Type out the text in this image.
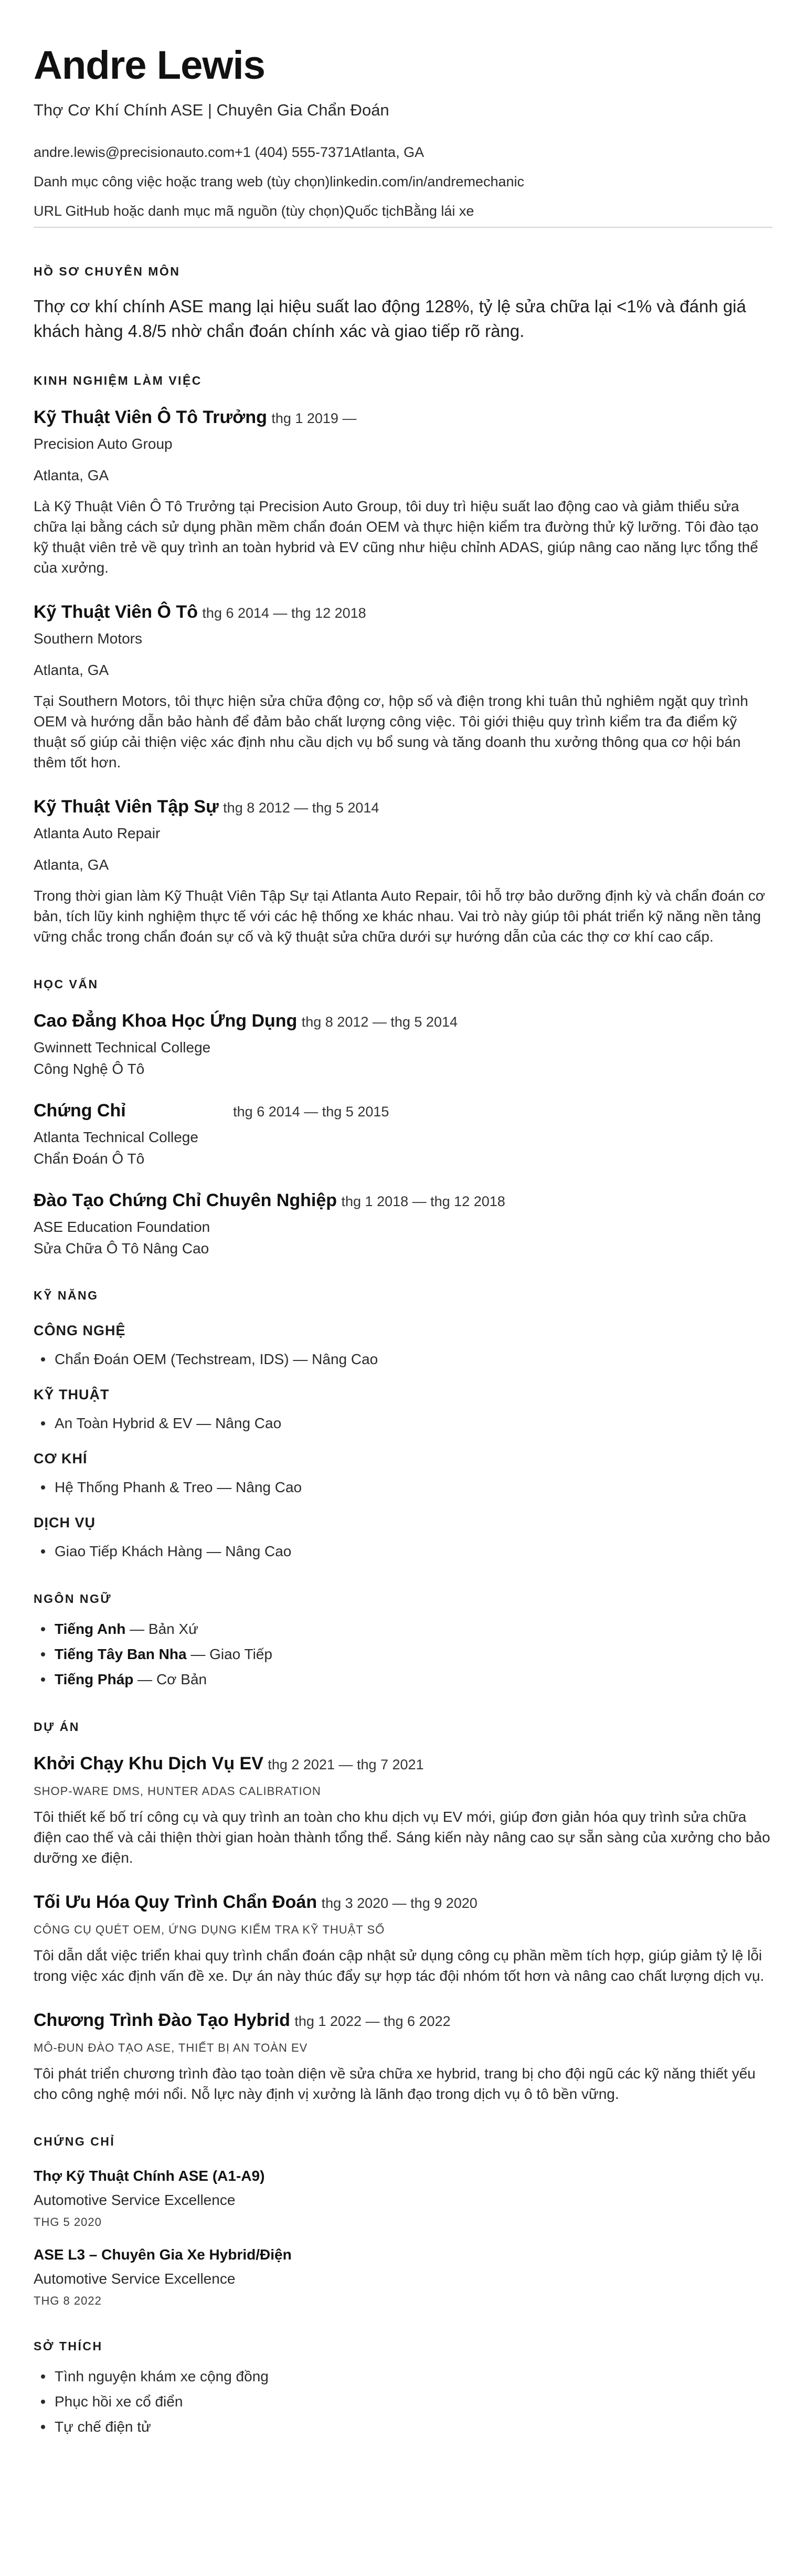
Andre Lewis
Thợ Cơ Khí Chính ASE | Chuyên Gia Chẩn Đoán
andre.lewis@precisionauto.com+1 (404) 555-7371Atlanta, GA
Danh mục công việc hoặc trang web (tùy chọn)linkedin.com/in/andremechanic
URL GitHub hoặc danh mục mã nguồn (tùy chọn)Quốc tịchBằng lái xe
HỒ SƠ CHUYÊN MÔN

Thợ cơ khí chính ASE mang lại hiệu suất lao động 128%, tỷ lệ sửa chữa lại <1% và đánh giá khách hàng 4.8/5 nhờ chẩn đoán chính xác và giao tiếp rõ ràng.

KINH NGHIỆM LÀM VIỆC
Kỹ Thuật Viên Ô Tô Trưởng thg 1 2019 —
Precision Auto Group
Atlanta, GA

Là Kỹ Thuật Viên Ô Tô Trưởng tại Precision Auto Group, tôi duy trì hiệu suất lao động cao và giảm thiểu sửa chữa lại bằng cách sử dụng phần mềm chẩn đoán OEM và thực hiện kiểm tra đường thử kỹ lưỡng. Tôi đào tạo kỹ thuật viên trẻ về quy trình an toàn hybrid và EV cũng như hiệu chỉnh ADAS, giúp nâng cao năng lực tổng thể của xưởng.

Kỹ Thuật Viên Ô Tô thg 6 2014 — thg 12 2018
Southern Motors
Atlanta, GA

Tại Southern Motors, tôi thực hiện sửa chữa động cơ, hộp số và điện trong khi tuân thủ nghiêm ngặt quy trình OEM và hướng dẫn bảo hành để đảm bảo chất lượng công việc. Tôi giới thiệu quy trình kiểm tra đa điểm kỹ thuật số giúp cải thiện việc xác định nhu cầu dịch vụ bổ sung và tăng doanh thu xưởng thông qua cơ hội bán thêm tốt hơn.

Kỹ Thuật Viên Tập Sự thg 8 2012 — thg 5 2014
Atlanta Auto Repair
Atlanta, GA

Trong thời gian làm Kỹ Thuật Viên Tập Sự tại Atlanta Auto Repair, tôi hỗ trợ bảo dưỡng định kỳ và chẩn đoán cơ bản, tích lũy kinh nghiệm thực tế với các hệ thống xe khác nhau. Vai trò này giúp tôi phát triển kỹ năng nền tảng vững chắc trong chẩn đoán sự cố và kỹ thuật sửa chữa dưới sự hướng dẫn của các thợ cơ khí cao cấp.

HỌC VẤN
Cao Đẳng Khoa Học Ứng Dụng thg 8 2012 — thg 5 2014
Gwinnett Technical College
Công Nghệ Ô Tô
Chứng Chỉ	thg 6 2014 — thg 5 2015
Atlanta Technical College
Chẩn Đoán Ô Tô
Đào Tạo Chứng Chỉ Chuyên Nghiệp thg 1 2018 — thg 12 2018
ASE Education Foundation
Sửa Chữa Ô Tô Nâng Cao
KỸ NĂNG
CÔNG NGHỆ
Chẩn Đoán OEM (Techstream, IDS) — Nâng Cao
KỸ THUẬT
An Toàn Hybrid & EV — Nâng Cao
CƠ KHÍ
Hệ Thống Phanh & Treo — Nâng Cao
DỊCH VỤ
Giao Tiếp Khách Hàng — Nâng Cao
NGÔN NGỮ
Tiếng Anh — Bản Xứ
Tiếng Tây Ban Nha — Giao Tiếp
Tiếng Pháp — Cơ Bản
DỰ ÁN
Khởi Chạy Khu Dịch Vụ EV thg 2 2021 — thg 7 2021
SHOP-WARE DMS, HUNTER ADAS CALIBRATION

Tôi thiết kế bố trí công cụ và quy trình an toàn cho khu dịch vụ EV mới, giúp đơn giản hóa quy trình sửa chữa điện cao thế và cải thiện thời gian hoàn thành tổng thể. Sáng kiến này nâng cao sự sẵn sàng của xưởng cho bảo dưỡng xe điện.

Tối Ưu Hóa Quy Trình Chẩn Đoán thg 3 2020 — thg 9 2020
CÔNG CỤ QUÉT OEM, ỨNG DỤNG KIỂM TRA KỸ THUẬT SỐ

Tôi dẫn dắt việc triển khai quy trình chẩn đoán cập nhật sử dụng công cụ phần mềm tích hợp, giúp giảm tỷ lệ lỗi trong việc xác định vấn đề xe. Dự án này thúc đẩy sự hợp tác đội nhóm tốt hơn và nâng cao chất lượng dịch vụ.

Chương Trình Đào Tạo Hybrid thg 1 2022 — thg 6 2022
MÔ-ĐUN ĐÀO TẠO ASE, THIẾT BỊ AN TOÀN EV

Tôi phát triển chương trình đào tạo toàn diện về sửa chữa xe hybrid, trang bị cho đội ngũ các kỹ năng thiết yếu cho công nghệ mới nổi. Nỗ lực này định vị xưởng là lãnh đạo trong dịch vụ ô tô bền vững.

CHỨNG CHỈ
Thợ Kỹ Thuật Chính ASE (A1-A9)
Automotive Service Excellence
THG 5 2020
ASE L3 – Chuyên Gia Xe Hybrid/Điện
Automotive Service Excellence
THG 8 2022
SỞ THÍCH
Tình nguyện khám xe cộng đồng
Phục hồi xe cổ điển
Tự chế điện tử
